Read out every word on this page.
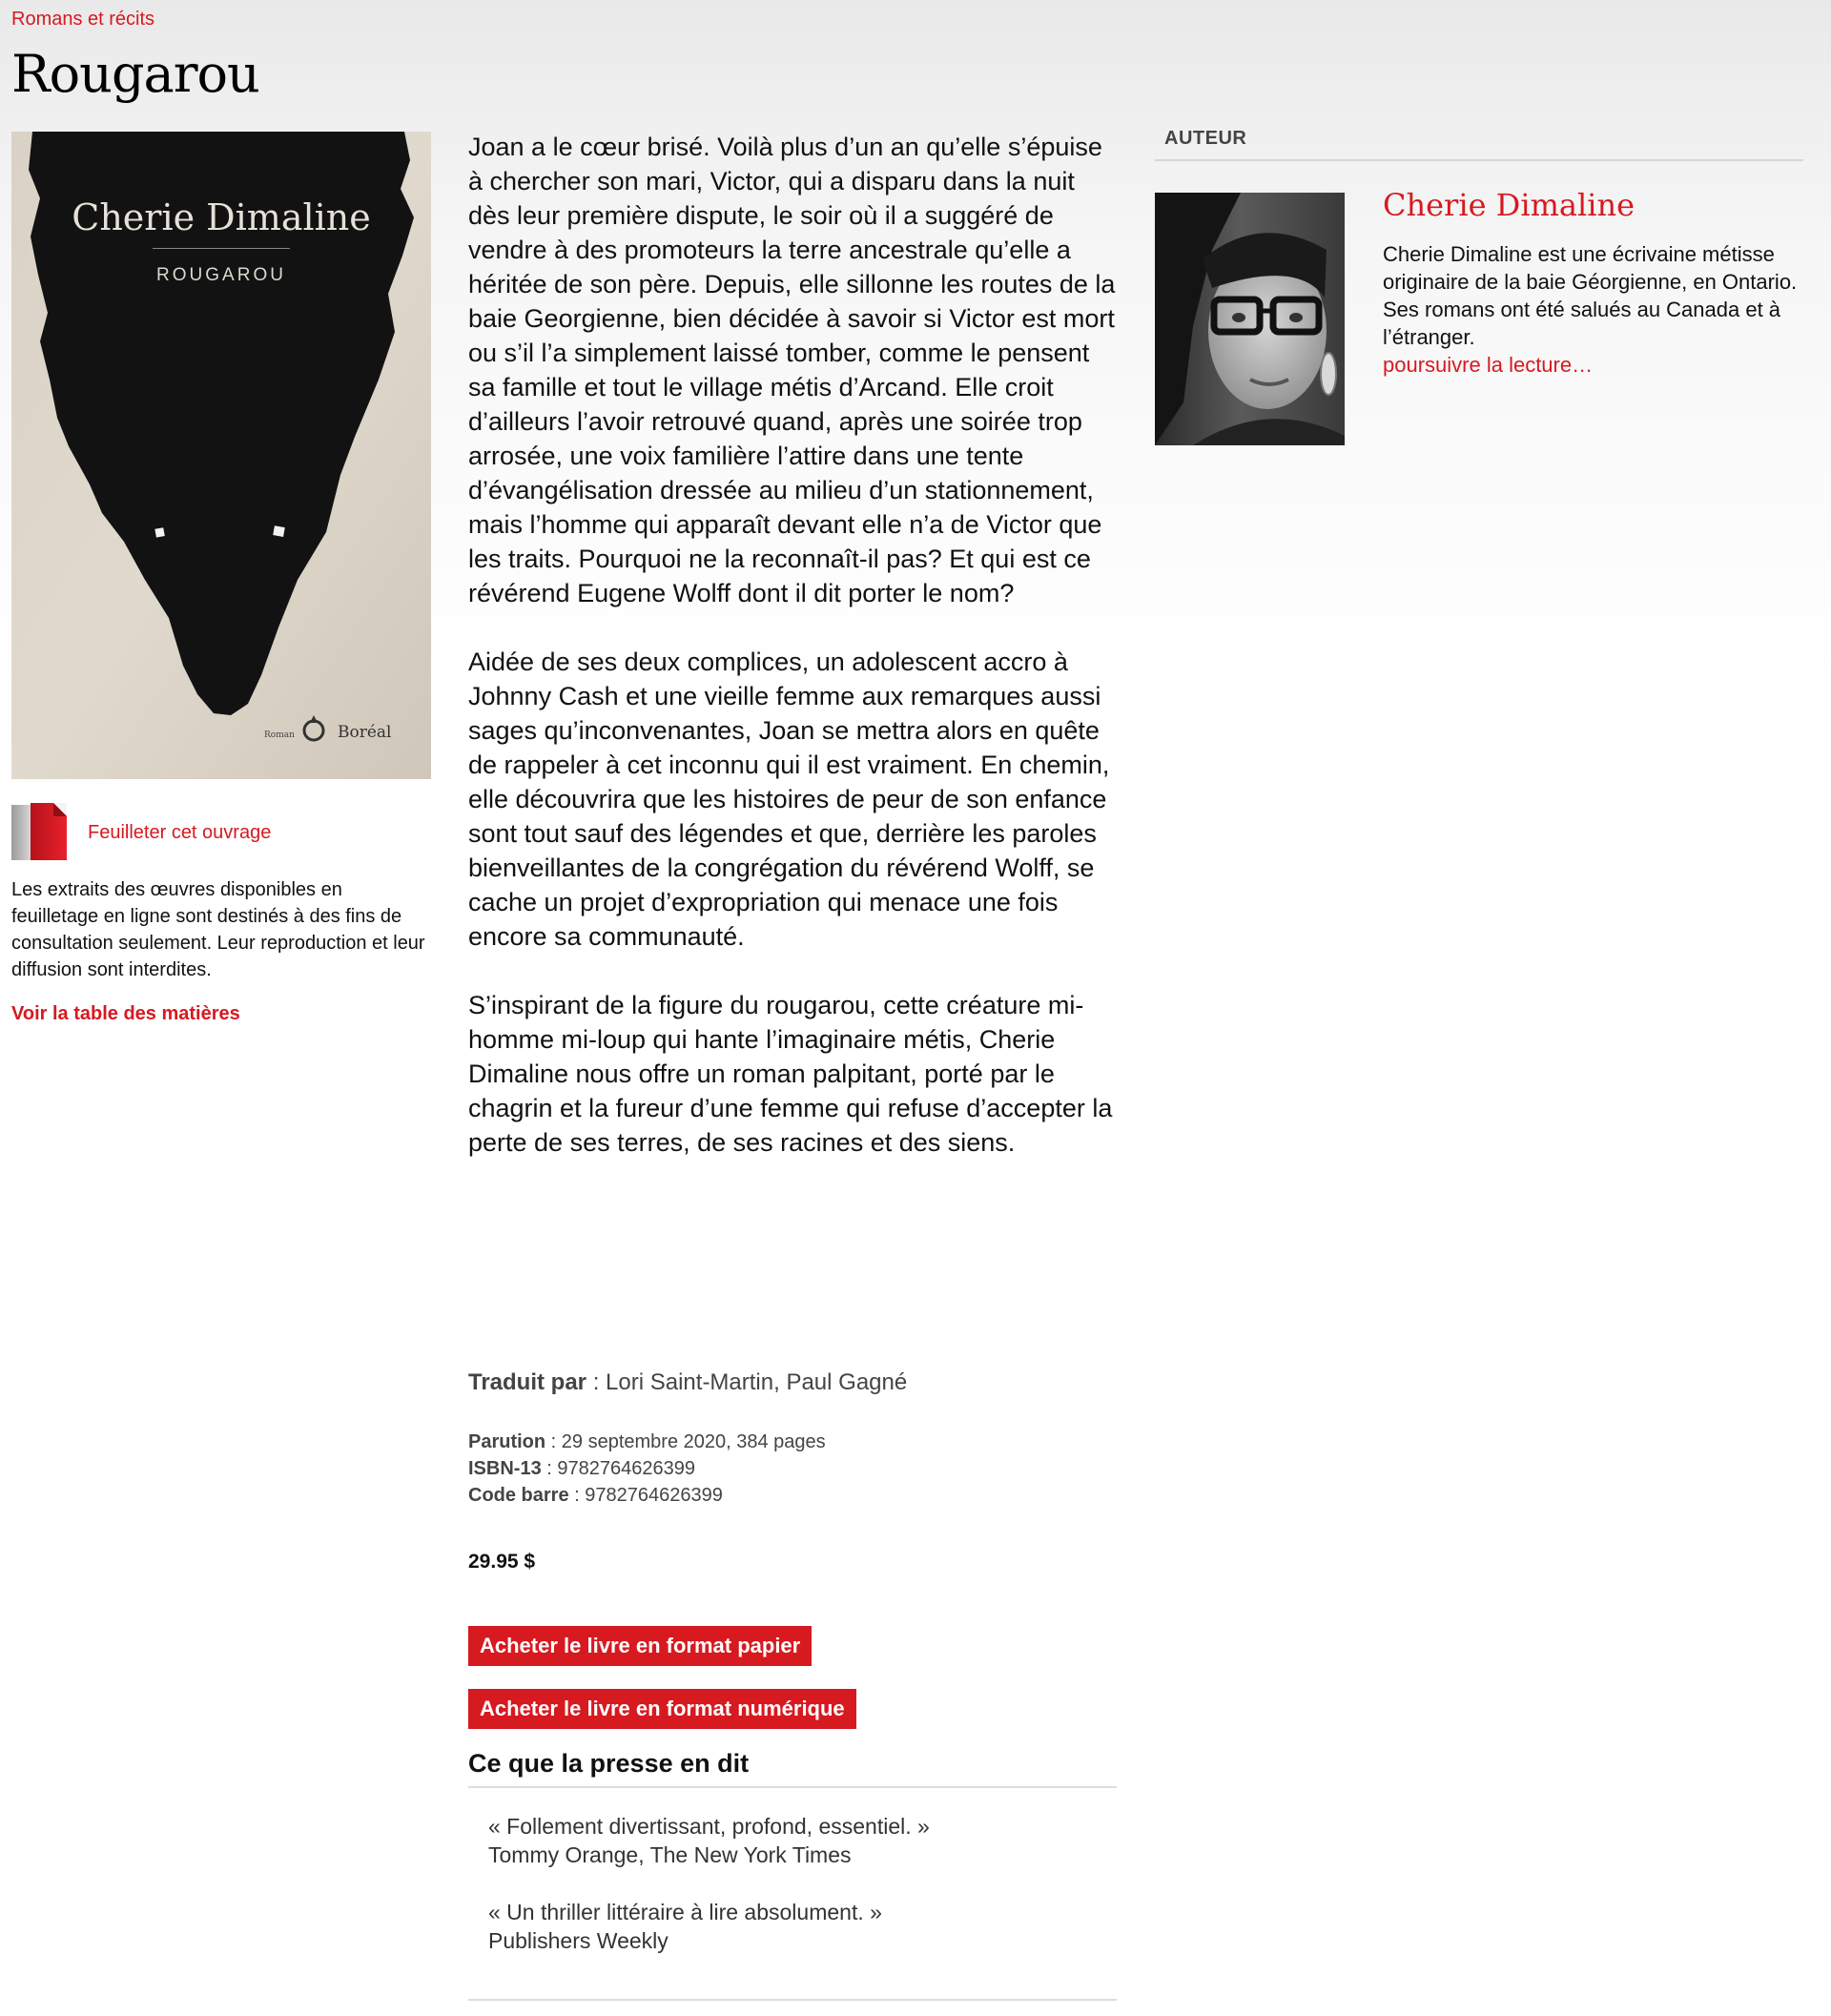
Romans et récits
Rougarou
Cherie Dimaline
ROUGAROU
Roman	Boréal
Feuilleter cet ouvrage

Les extraits des œuvres disponibles en feuilletage en ligne sont destinés à des fins de consultation seulement. Leur reproduction et leur diffusion sont interdites.

Voir la table des matières

Joan a le cœur brisé. Voilà plus d’un an qu’elle s’épuise à chercher son mari, Victor, qui a disparu dans la nuit dès leur première dispute, le soir où il a suggéré de vendre à des promoteurs la terre ancestrale qu’elle a héritée de son père. Depuis, elle sillonne les routes de la baie Georgienne, bien décidée à savoir si Victor est mort ou s’il l’a simplement laissé tomber, comme le pensent sa famille et tout le village métis d’Arcand. Elle croit d’ailleurs l’avoir retrouvé quand, après une soirée trop arrosée, une voix familière l’attire dans une tente d’évangélisation dressée au milieu d’un stationnement, mais l’homme qui apparaît devant elle n’a de Victor que les traits. Pourquoi ne la reconnaît-il pas? Et qui est ce révérend Eugene Wolff dont il dit porter le nom?

Aidée de ses deux complices, un adolescent accro à Johnny Cash et une vieille femme aux remarques aussi sages qu’inconvenantes, Joan se mettra alors en quête de rappeler à cet inconnu qui il est vraiment. En chemin, elle découvrira que les histoires de peur de son enfance sont tout sauf des légendes et que, derrière les paroles bienveillantes de la congrégation du révérend Wolff, se cache un projet d’expropriation qui menace une fois encore sa communauté.

S’inspirant de la figure du rougarou, cette créature mi-homme mi-loup qui hante l’imaginaire métis, Cherie Dimaline nous offre un roman palpitant, porté par le chagrin et la fureur d’une femme qui refuse d’accepter la perte de ses terres, de ses racines et des siens.

Traduit par : Lori Saint-Martin, Paul Gagné
Parution : 29 septembre 2020, 384 pages
ISBN-13 : 9782764626399
Code barre : 9782764626399
29.95 $
Acheter le livre en format papier
Acheter le livre en format numérique
Ce que la presse en dit
« Follement divertissant, profond, essentiel. »
Tommy Orange, The New York Times
« Un thriller littéraire à lire absolument. »
Publishers Weekly
AUTEUR
Cherie Dimaline
Cherie Dimaline est une écrivaine métisse originaire de la baie Géorgienne, en Ontario. Ses romans ont été salués au Canada et à l’étranger.
poursuivre la lecture…
